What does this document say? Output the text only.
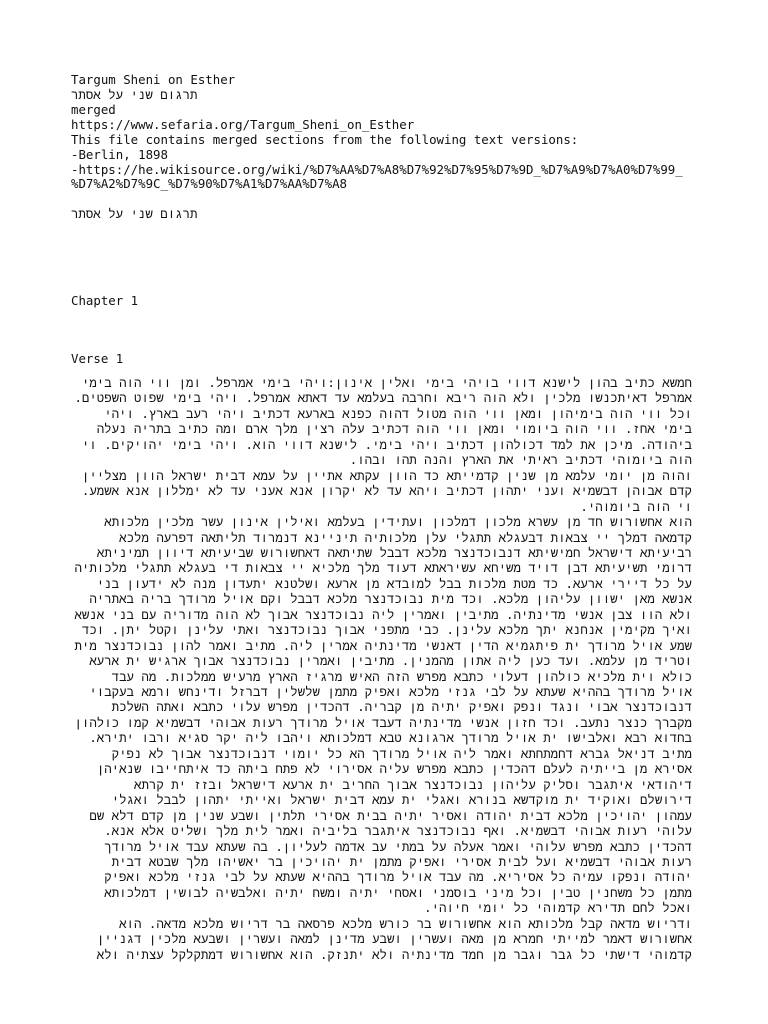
Targum Sheni on Esther
תרגום שני על אסתר
merged
https://www.sefaria.org/Targum_Sheni_on_Esther
This file contains merged sections from the following text versions:
-Berlin, 1898
-https://he.wikisource.org/wiki/%D7%AA%D7%A8%D7%92%D7%95%D7%9D_%D7%A9%D7%A0%D7%99_
%D7%A2%D7%9C_%D7%90%D7%A1%D7%AA%D7%A8
תרגום שני על אסתר
Chapter 1
Verse 1
חמשא כתיב בהון לישנא דווי בויהי בימי ואלין אינון:ויהי בימי אמרפל. ומן ווי הוה בימי
אמרפל דאיתכנשו מלכין ולא הוה ריבא וחרבה בעלמא עד דאתא אמרפל. ויהי בימי שפוט השפטים.
וכל ווי הוה בימיהון ומאן ווי הוה מטול דהוה כפנא בארעא דכתיב ויהי רעב בארץ. ויהי
בימי אחז. ווי הוה ביומוי ומאן ווי הוה דכתיב עלה רצין מלך ארם ומה כתיב בתריה נעלה
ביהודה. מיכן את למד דכולהון דכתיב ויהי בימי. לישנא דווי הוא. ויהי בימי יהויקים. וי
הוה ביומוהי דכתיב ראיתי את הארץ והנה תהו ובהו.
והוה מן יומי עלמא מן שנין קדמייתא כד הוון עקתא אתיין על עמא דבית ישראל הוון מצליין
קדם אבוהן דבשמיא ועני יתהון דכתיב ויהא עד לא יקרון אנא אעני עד לא ימללון אנא אשמע.
וי הוה ביומוהי.
הוא אחשורוש חד מן עשרא מלכון דמלכון ועתידין בעלמא ואילין אינון עשר מלכין מלכותא
קדמאה דמלך יי צבאות דבעגלא תתגלי עלן מלכותיה תיניינא דנמרוד תליתאה דפרעה מלכא
רביעיתא דישראל חמישיתא דנבוכדנצר מלכא דבבל שתיתאה דאחשורוש שביעיתא דיוון תמיניתא
דרומי תשיעיתא דבן דויד משיחא עשיראתא דעוד מלך מלכיא יי צבאות די בעגלא תתגלי מלכותיה
על כל דיירי ארעא. כד מטת מלכות בבל למובדא מן ארעא ושלטנא יתעדון מנה לא ידעון בני
אנשא מאן ישוון עליהון מלכא. וכד מית נבוכדנצר מלכא דבבל וקם אויל מרודך בריה באתריה
ולא הוו צבן אנשי מדינתיה. מתיבין ואמרין ליה נבוכדנצר אבוך לא הוה מדוריה עם בני אנשא
ואיך מקימין אנחנא יתך מלכא עלינן. כבי מתפני אבוך נבוכדנצר ואתי עלינן וקטל יתן. וכד
שמע אויל מרודך ית פיתגמיא הדין דאנשי מדינתיה אמרין ליה. מתיב ואמר להון נבוכדנצר מית
וטריד מן עלמא. ועד כען ליה אתון מהמנין. מתיבין ואמרין נבוכדנצר אבוך ארגיש ית ארעא
כולא וית מלכיא כולהון דעלוי כתבא מפרש הזה האיש מרגיז הארץ מרעיש ממלכות. מה עבד
אויל מרודך בההיא שעתא על לבי גנזי מלכא ואפיק מתמן שלשלין דברזל ודינחש ורמא בעקבוי
דנבוכדנצר אבוי ונגד ונפק ואפיק יתיה מן קבריה. דהכדין מפרש עלוי כתבא ואתה השלכת
מקברך כנצר נתעב. וכד חזון אנשי מדינתיה דעבד אויל מרודך רעות אבוהי דבשמיא קמו כולהון
בחדוא רבא ואלבישו ית אויל מרודך ארגונא טבא דמלכותא ויהבו ליה יקר סגיא ורבו יתירא.
מתיב דניאל גברא דחמתחתא ואמר ליה אויל מרודך הא כל יומוי דנבוכדנצר אבוך לא נפיק
אסירא מן בייתיה לעלם דהכדין כתבא מפרש עליה אסירוי לא פתח ביתה כד איתחייבו שנאיהן
דיהודאי איתגבר וסליק עליהון נבוכדנצר אבוך החריב ית ארעא דישראל ובזז ית קרתא
דירושלם ואוקיד ית מוקדשא בנורא ואגלי ית עמא דבית ישראל ואייתי יתהון לבבל ואגלי
עמהון יהויכין מלכא דבית יהודה ואסיר יתיה בבית אסירי תלתין ושבע שנין מן קדם דלא שם
עלוהי רעות אבוהי דבשמיא. ואף נבוכדנצר איתגבר בליביה ואמר לית מלך ושליט אלא אנא.
דהכדין כתבא מפרש עלוהי ואמר אעלה על במתי עב אדמה לעליון. בה שעתא עבד אויל מרודך
רעות אבוהי דבשמיא ועל לבית אסירי ואפיק מתמן ית יהויכין בר יאשיהו מלך שבטא דבית
יהודה ונפקו עמיה כל אסיריא. מה עבד אויל מרודך בההיא שעתא על לבי גנזי מלכא ואפיק
מתמן כל משחנין טבין וכל מיני בוסמני ואסחי יתיה ומשח יתיה ואלבשיה לבושין דמלכותא
ואכל לחם תדירא קדמוהי כל יומי חיוהי.
ודריוש מדאה קבל מלכותא הוא אחשורוש בר כורש מלכא פרסאה בר דריוש מלכא מדאה. הוא
אחשורוש דאמר למייתי חמרא מן מאה ועשרין ושבע מדינן למאה ועשרין ושבעא מלכין דגניין
קדמוהי דישתי כל גבר וגבר מן חמד מדינתיה ולא יתנזק. הוא אחשורוש דמתקלקל עצתיה ולא
